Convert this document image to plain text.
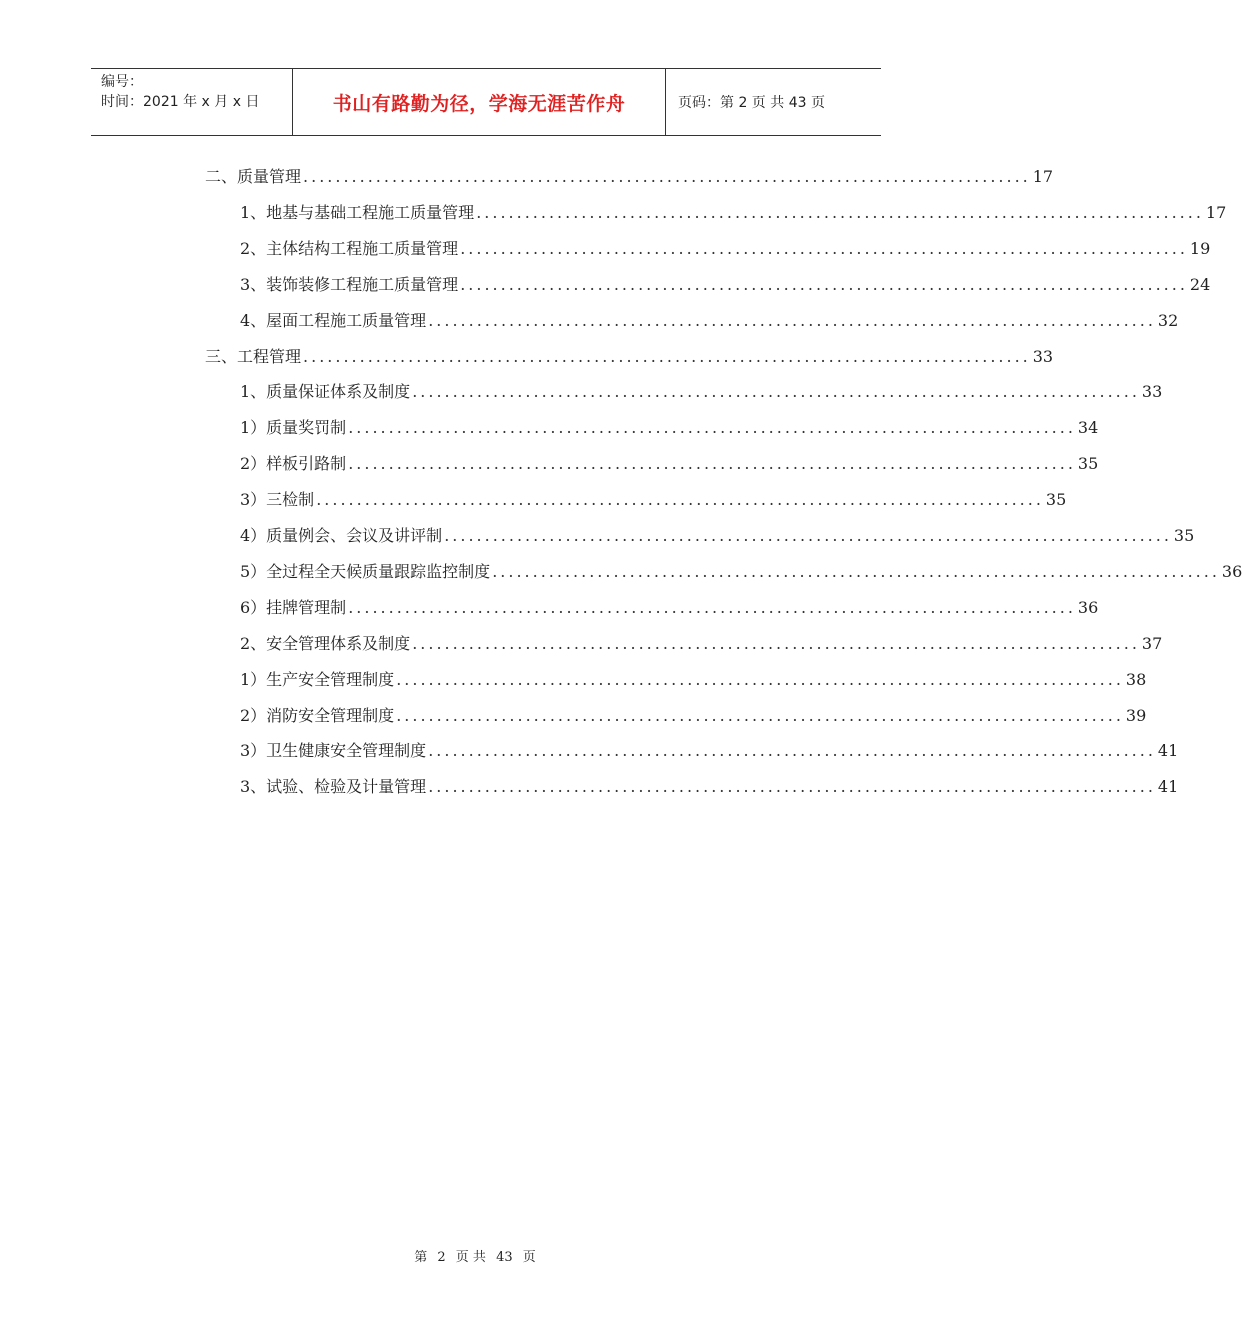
编号：
时间：2021 年 x 月 x 日	书山有路勤为径，学海无涯苦作舟	页码：第 2 页 共 43 页
二、质量管理 .......................................................................................... 17
1、地基与基础工程施工质量管理 .......................................................................................... 17
2、主体结构工程施工质量管理 .......................................................................................... 19
3、装饰装修工程施工质量管理 .......................................................................................... 24
4、屋面工程施工质量管理 .......................................................................................... 32
三、工程管理 .......................................................................................... 33
1、质量保证体系及制度 .......................................................................................... 33
1）质量奖罚制 .......................................................................................... 34
2）样板引路制 .......................................................................................... 35
3）三检制 .......................................................................................... 35
4）质量例会、会议及讲评制 .......................................................................................... 35
5）全过程全天候质量跟踪监控制度 .......................................................................................... 36
6）挂牌管理制 .......................................................................................... 36
2、安全管理体系及制度 .......................................................................................... 37
1）生产安全管理制度 .......................................................................................... 38
2）消防安全管理制度 .......................................................................................... 39
3）卫生健康安全管理制度 .......................................................................................... 41
3、试验、检验及计量管理 .......................................................................................... 41
第 2 页 共 43 页
